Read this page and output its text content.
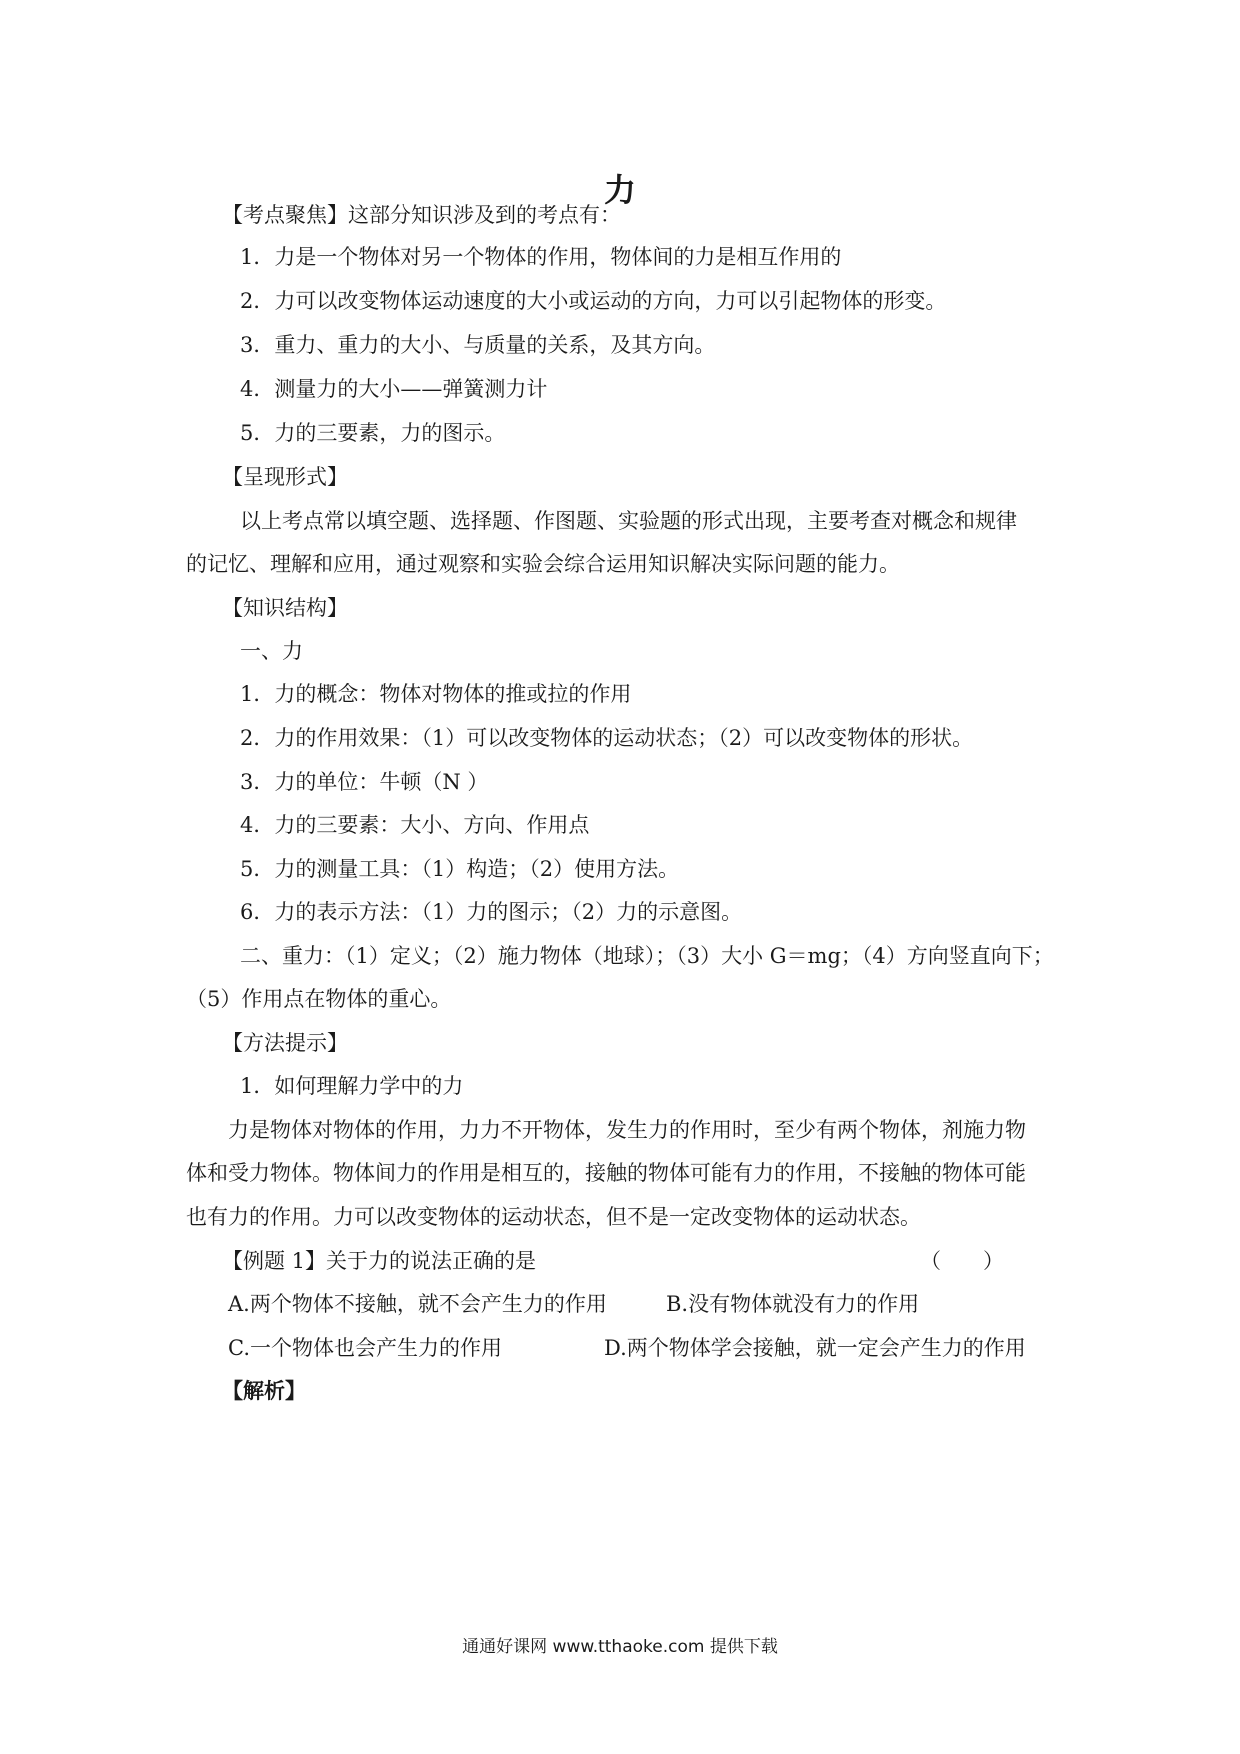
力
【考点聚焦】这部分知识涉及到的考点有：
1．力是一个物体对另一个物体的作用，物体间的力是相互作用的
2．力可以改变物体运动速度的大小或运动的方向，力可以引起物体的形变。
3．重力、重力的大小、与质量的关系，及其方向。
4．测量力的大小——弹簧测力计
5．力的三要素，力的图示。
【呈现形式】
以上考点常以填空题、选择题、作图题、实验题的形式出现，主要考查对概念和规律
的记忆、理解和应用，通过观察和实验会综合运用知识解决实际问题的能力。
【知识结构】
一、力
1．力的概念：物体对物体的推或拉的作用
2．力的作用效果：（1）可以改变物体的运动状态；（2）可以改变物体的形状。
3．力的单位：牛顿（N ）
4．力的三要素：大小、方向、作用点
5．力的测量工具：（1）构造；（2）使用方法。
6．力的表示方法：（1）力的图示；（2）力的示意图。
二、重力：（1）定义；（2）施力物体（地球）；（3）大小 G＝mg；（4）方向竖直向下；
（5）作用点在物体的重心。
【方法提示】
1．如何理解力学中的力
力是物体对物体的作用，力力不开物体，发生力的作用时，至少有两个物体，剂施力物
体和受力物体。物体间力的作用是相互的，接触的物体可能有力的作用，不接触的物体可能
也有力的作用。力可以改变物体的运动状态，但不是一定改变物体的运动状态。
【例题 1】关于力的说法正确的是	（　　）
A.两个物体不接触，就不会产生力的作用	B.没有物体就没有力的作用
C.一个物体也会产生力的作用	D.两个物体学会接触，就一定会产生力的作用
【解析】
通通好课网 www.tthaoke.com 提供下载
